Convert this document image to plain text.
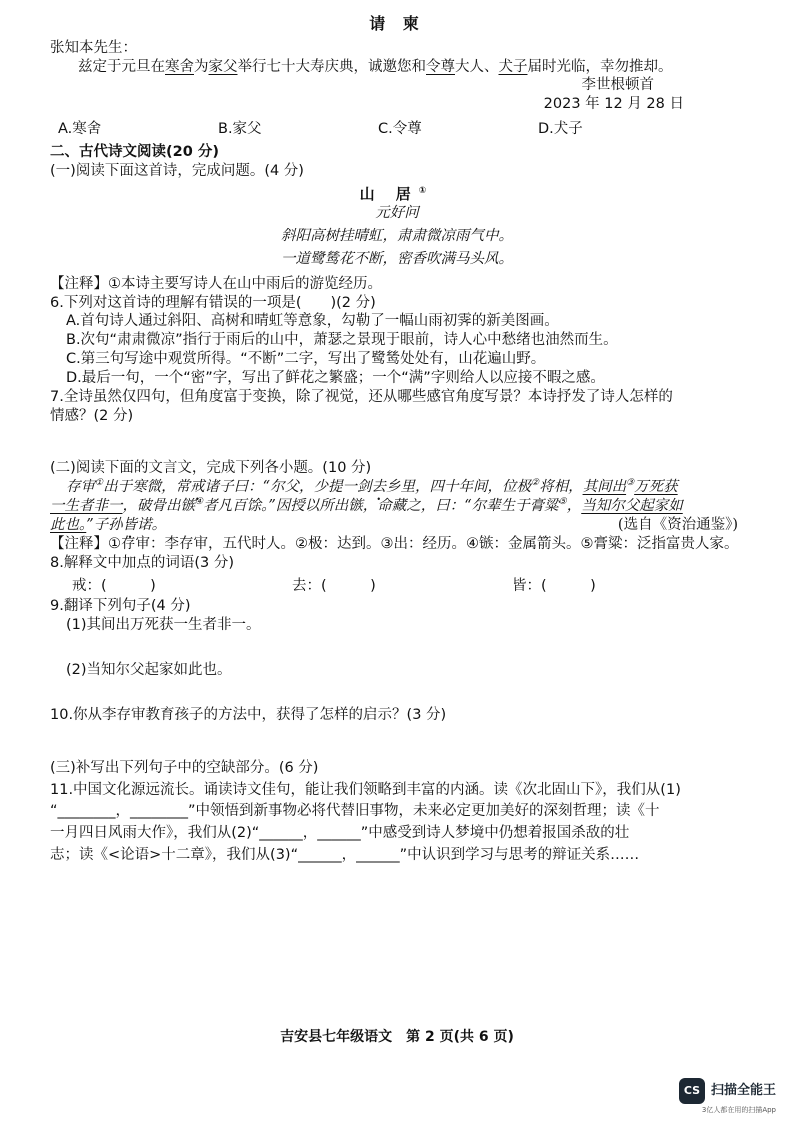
请 柬

张知本先生：

兹定于元旦在寒舍为家父举行七十大寿庆典，诚邀您和令尊大人、犬子届时光临，幸勿推却。

李世根顿首

2023 年 12 月 28 日

A.寒舍	B.家父	C.令尊	D.犬子

二、古代诗文阅读(20 分)

(一)阅读下面这首诗，完成问题。(4 分)

山 居①

元好问

斜阳高树挂晴虹，肃肃微凉雨气中。

一道鹭鸶花不断，密香吹满马头风。

【注释】①本诗主要写诗人在山中雨后的游览经历。

6.下列对这首诗的理解有错误的一项是(　　)(2 分)

A.首句诗人通过斜阳、高树和晴虹等意象，勾勒了一幅山雨初霁的新美图画。

B.次句“肃肃微凉”指行于雨后的山中，萧瑟之景现于眼前，诗人心中愁绪也油然而生。

C.第三句写途中观赏所得。“不断”二字，写出了鹭鸶处处有，山花遍山野。

D.最后一句，一个“密”字，写出了鲜花之繁盛；一个“满”字则给人以应接不暇之感。

7.全诗虽然仅四句，但角度富于变换，除了视觉，还从哪些感官角度写景？本诗抒发了诗人怎样的

情感？(2 分)

(二)阅读下面的文言文，完成下列各小题。(10 分)

存审①出于寒微，常戒诸子曰：“尔父，少提一剑去乡里，四十年间，位极②将相，其间出③万死获

一生者非一，破骨出镞④者凡百馀。”因授以所出镞，命藏之，曰：“尔辈生于膏粱⑤，当知尔父起家如

此也。”子孙皆诺。	(选自《资治通鉴》)

【注释】①存审：李存审，五代时人。②极：达到。③出：经历。④镞：金属箭头。⑤膏粱：泛指富贵人家。

8.解释文中加点的词语(3 分)

戒：(　　　)	去：(　　　)	皆：(　　　)

9.翻译下列句子(4 分)

(1)其间出万死获一生者非一。

(2)当知尔父起家如此也。

10.你从李存审教育孩子的方法中，获得了怎样的启示？(3 分)

(三)补写出下列句子中的空缺部分。(6 分)

11.中国文化源远流长。诵读诗文佳句，能让我们领略到丰富的内涵。读《次北固山下》，我们从(1)

“________，________”中领悟到新事物必将代替旧事物，未来必定更加美好的深刻哲理；读《十

一月四日风雨大作》，我们从(2)“______，______”中感受到诗人梦境中仍想着报国杀敌的壮

志；读《<论语>十二章》，我们从(3)“______，______”中认识到学习与思考的辩证关系……

吉安县七年级语文　第 2 页(共 6 页)
CS 扫描全能王
3亿人都在用的扫描App
